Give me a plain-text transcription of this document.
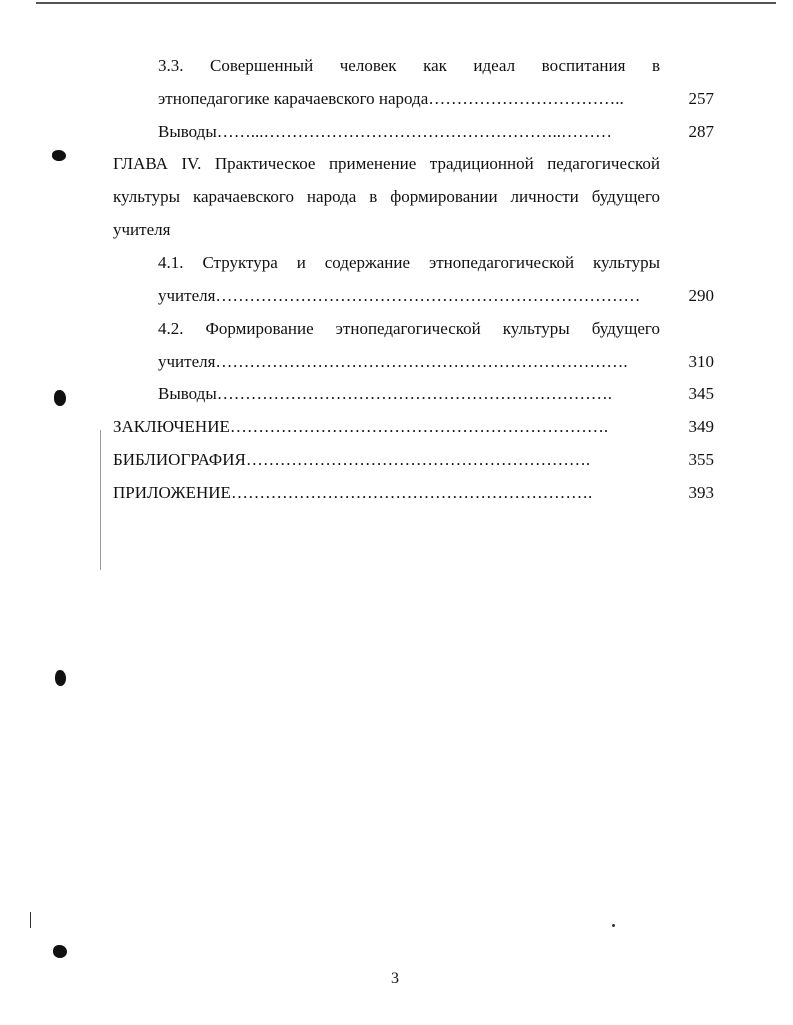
3.3. Совершенный человек как идеал воспитания в
этнопедагогике карачаевского народа……………………………..	257
Выводы……...……………………………………………..………	287
ГЛАВА IV. Практическое применение традиционной педагогической
культуры карачаевского народа в формировании личности будущего
учителя
4.1. Структура и содержание этнопедагогической культуры
учителя…………………………………………………………………	290
4.2. Формирование этнопедагогической культуры будущего
учителя……………………………………………………………….	310
Выводы…………………………………………………………….	345
ЗАКЛЮЧЕНИЕ………………………………………………………….	349
БИБЛИОГРАФИЯ…………………………………………………….	355
ПРИЛОЖЕНИЕ……………………………………………………….	393
3
